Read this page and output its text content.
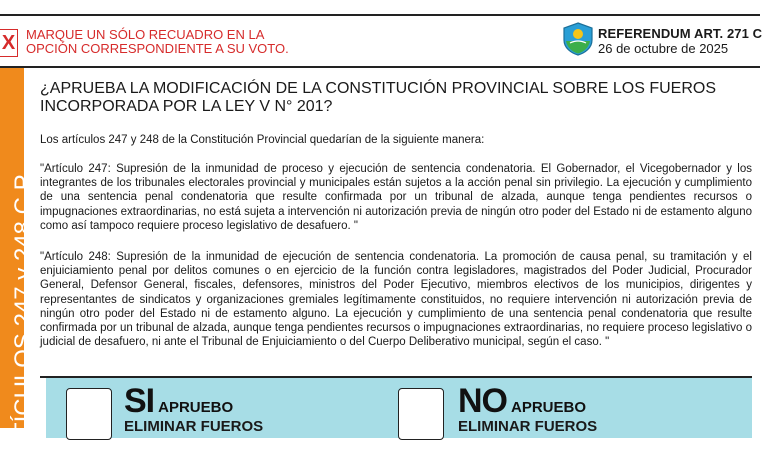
X MARQUE UN SÓLO RECUADRO EN LA
OPCIÓN CORRESPONDIENTE A SU VOTO.
REFERENDUM ART. 271 C
26 de octubre de 2025
ARTÍCULOS 247 y 248 C.P.
¿APRUEBA LA MODIFICACIÓN DE LA CONSTITUCIÓN PROVINCIAL SOBRE LOS FUEROS INCORPORADA POR LA LEY V N° 201?
Los artículos 247 y 248 de la Constitución Provincial quedarían de la siguiente manera:
"Artículo 247: Supresión de la inmunidad de proceso y ejecución de sentencia condenatoria. El Gobernador, el Vicegobernador y los integrantes de los tribunales electorales provincial y municipales están sujetos a la acción penal sin privilegio. La ejecución y cumplimiento de una sentencia penal condenatoria que resulte confirmada por un tribunal de alzada, aunque tenga pendientes recursos o impugnaciones extraordinarias, no está sujeta a intervención ni autorización previa de ningún otro poder del Estado ni de estamento alguno como así tampoco requiere proceso legislativo de desafuero. "
"Artículo 248: Supresión de la inmunidad de ejecución de sentencia condenatoria. La promoción de causa penal, su tramitación y el enjuiciamiento penal por delitos comunes o en ejercicio de la función contra legisladores, magistrados del Poder Judicial, Procurador General, Defensor General, fiscales, defensores, ministros del Poder Ejecutivo, miembros electivos de los municipios, dirigentes y representantes de sindicatos y organizaciones gremiales legítimamente constituidos, no requiere intervención ni autorización previa de ningún otro poder del Estado ni de estamento alguno. La ejecución y cumplimiento de una sentencia penal condenatoria que resulte confirmada por un tribunal de alzada, aunque tenga pendientes recursos o impugnaciones extraordinarias, no requiere proceso legislativo o judicial de desafuero, ni ante el Tribunal de Enjuiciamiento o del Cuerpo Deliberativo municipal, según el caso. "
SI APRUEBO
ELIMINAR FUEROS
NO APRUEBO
ELIMINAR FUEROS
